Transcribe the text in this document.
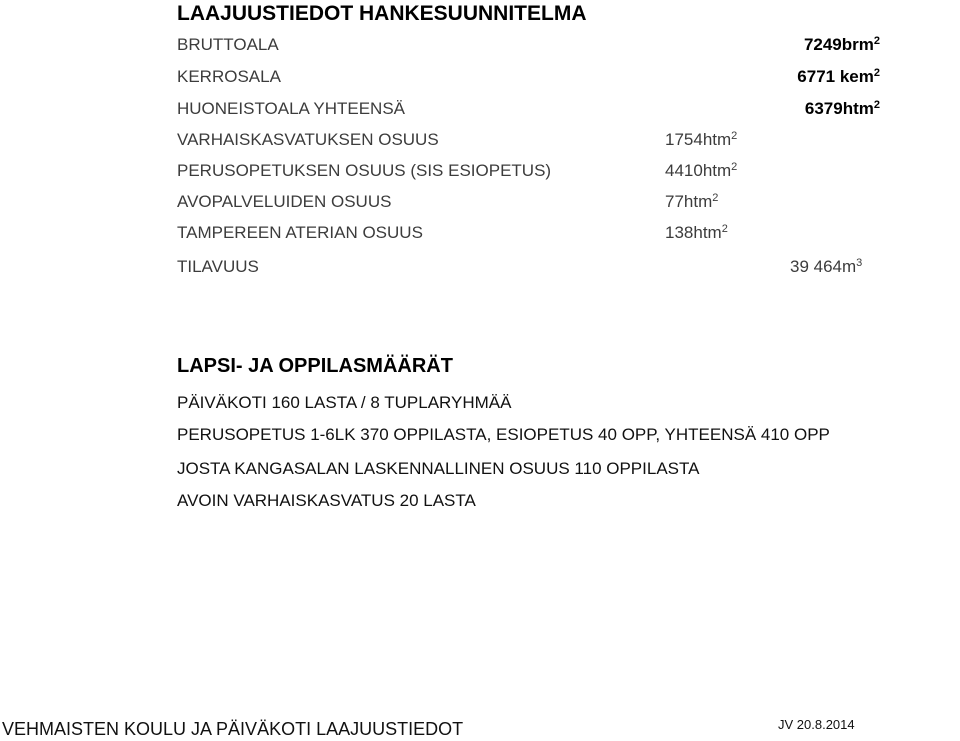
LAAJUUSTIEDOT HANKESUUNNITELMA
BRUTTOALA	7249brm$^2$
KERROSALA	6771 kem$^2$
HUONEISTOALA YHTEENSÄ	6379htm$^2$
VARHAISKASVATUKSEN OSUUS	1754htm$^2$
PERUSOPETUKSEN OSUUS (SIS ESIOPETUS)	4410htm$^2$
AVOPALVELUIDEN OSUUS	77htm$^2$
TAMPEREEN ATERIAN OSUUS	138htm$^2$
TILAVUUS	39 $464m^3$
LAPSI- JA OPPILASMÄÄRÄT
PÄIVÄKOTI 160 LASTA / 8 TUPLARYHMÄÄ
PERUSOPETUS 1-6LK 370 OPPILASTA, ESIOPETUS 40 OPP, YHTEENSÄ 410 OPP
JOSTA KANGASALAN LASKENNALLINEN OSUUS 110 OPPILASTA
AVOIN VARHAISKASVATUS 20 LASTA
VEHMAISTEN KOULU JA PÄIVÄKOTI LAAJUUSTIEDOT	JV 20.8.2014
